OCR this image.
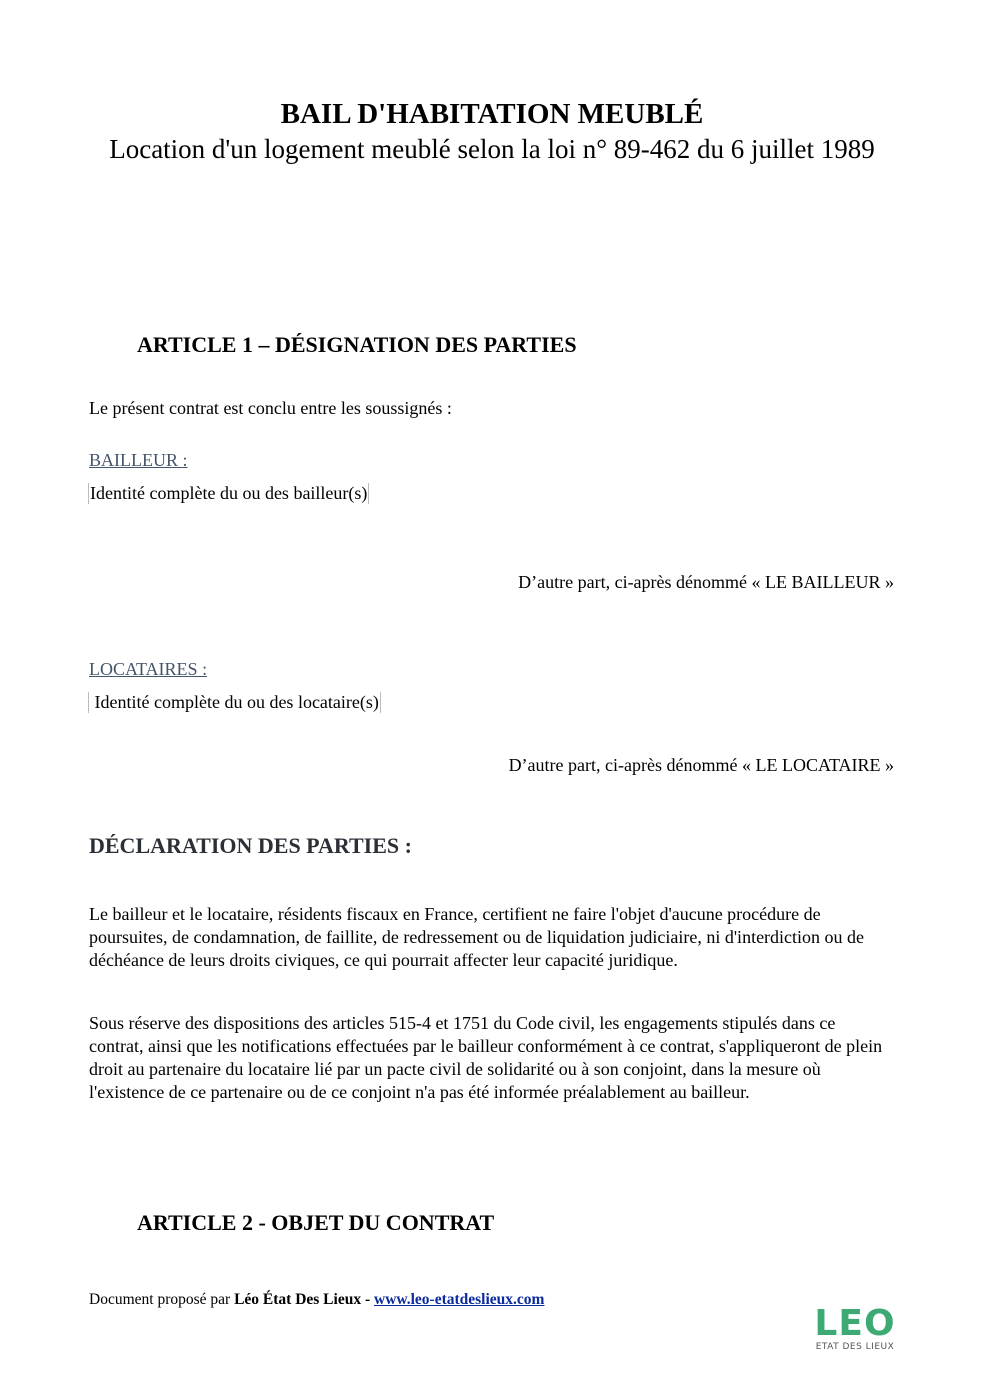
BAIL D'HABITATION MEUBLÉ
Location d'un logement meublé selon la loi n° 89-462 du 6 juillet 1989
ARTICLE 1 – DÉSIGNATION DES PARTIES
Le présent contrat est conclu entre les soussignés :
BAILLEUR :
Identité complète du ou des bailleur(s)
D’autre part, ci-après dénommé « LE BAILLEUR »
LOCATAIRES :
Identité complète du ou des locataire(s)
D’autre part, ci-après dénommé « LE LOCATAIRE »
DÉCLARATION DES PARTIES :
Le bailleur et le locataire, résidents fiscaux en France, certifient ne faire l'objet d'aucune procédure de poursuites, de condamnation, de faillite, de redressement ou de liquidation judiciaire, ni d'interdiction ou de déchéance de leurs droits civiques, ce qui pourrait affecter leur capacité juridique.
Sous réserve des dispositions des articles 515-4 et 1751 du Code civil, les engagements stipulés dans ce contrat, ainsi que les notifications effectuées par le bailleur conformément à ce contrat, s'appliqueront de plein droit au partenaire du locataire lié par un pacte civil de solidarité ou à son conjoint, dans la mesure où l'existence de ce partenaire ou de ce conjoint n'a pas été informée préalablement au bailleur.
ARTICLE 2 - OBJET DU CONTRAT
Document proposé par Léo État Des Lieux - www.leo-etatdeslieux.com
LEO
ETAT DES LIEUX
